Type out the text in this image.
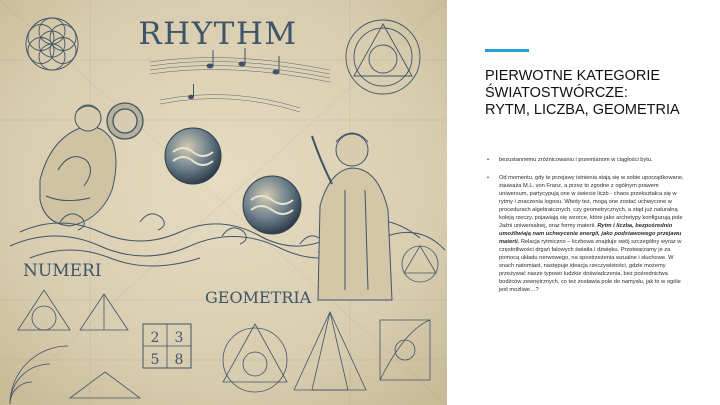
RHYTHM
NUMERI
GEOMETRIA
2 3
5 8
PIERWOTNE KATEGORIE
ŚWIATOSTWÓRCZE:
RYTM, LICZBA, GEOMETRIA
• bezustannemu zróżnicowaniu i przemianom w ciągłości bytu.
• Od momentu, gdy te przejawy istnienia stają się w sobie uporządkowane, zauważa M.L. von Franz, a przez to zgodne z ogólnym prawem uniwersum, partycypują one w świecie liczb - chaos przekształca się w rytmy i znaczenia logosu. Wtedy też, mogą one zostać uchwycone w procedurach algebraicznych, czy geometrycznych, a stąd już naturalną koleją rzeczy, pojawiają się wzorce, które jako archetypy konfigurują pole Jaźni uniwersalnej, oraz formy materii. Rytm i liczba, bezpośrednio umożliwiają nam uchwycenie energii, jako podstawowego przejawu materii. Relacja rytmiczno – liczbowa znajduje swój szczególny wyraz w częstotliwości drgań falowych światła i dźwięku. Przetwarzamy je za pomocą układu nerwowego, na spostrzeżenia wzualne i słuchowe. W snach natomiast, następuje ideacja rzeczywistości, gdzie możemy przeżywać nasze typowo ludzkie doświadczenia, bez pośrednictwa bodźców zewnętrznych, co też zostawia pole do namysłu, jak to w ogóle jest możliwe…?
